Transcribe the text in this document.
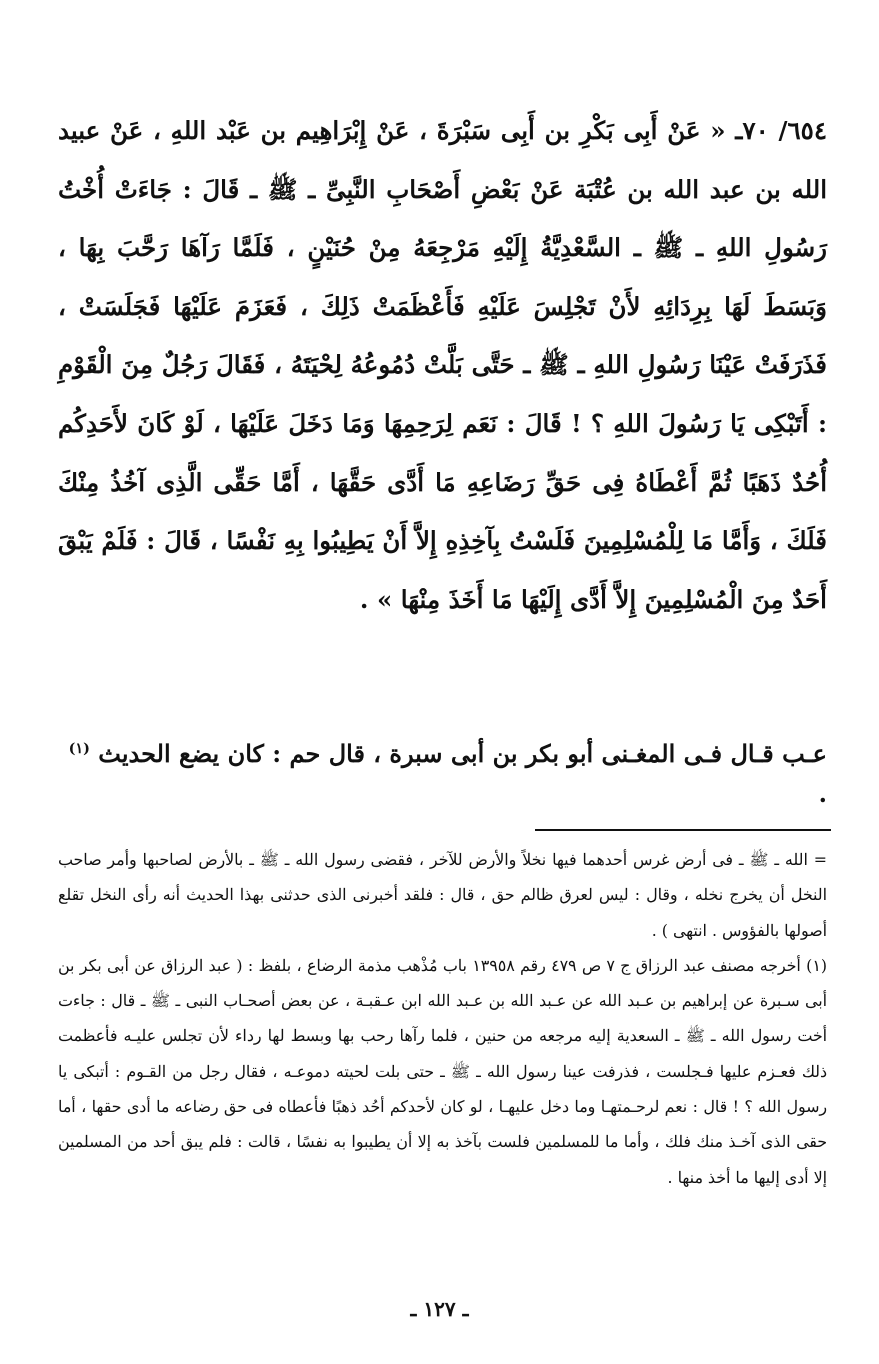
٦٥٤/ ٧٠ـ « عَنْ أَبِى بَكْرِ بن أَبِى سَبْرَةَ ، عَنْ إِبْرَاهِيم بن عَبْد اللهِ ، عَنْ عبيد الله بن عبد الله بن عُتْبَة عَنْ بَعْضِ أَصْحَابِ النَّبِىِّ ـ ﷺ ـ قَالَ : جَاءَتْ أُخْتُ رَسُولِ اللهِ ـ ﷺ ـ السَّعْدِيَّةُ إِلَيْهِ مَرْجِعَهُ مِنْ حُنَيْنٍ ، فَلَمَّا رَآهَا رَحَّبَ بِهَا ، وَبَسَطَ لَهَا بِرِدَائِهِ لأَنْ تَجْلِسَ عَلَيْهِ فَأَعْظَمَتْ ذَلِكَ ، فَعَزَمَ عَلَيْهَا فَجَلَسَتْ ، فَذَرَفَتْ عَيْنَا رَسُولِ اللهِ ـ ﷺ ـ حَتَّى بَلَّتْ دُمُوعُهُ لِحْيَتَهُ ، فَقَالَ رَجُلٌ مِنَ الْقَوْمِ : أَتَبْكِى يَا رَسُولَ اللهِ ؟ ! قَالَ : نَعَم لِرَحِمِهَا وَمَا دَخَلَ عَلَيْهَا ، لَوْ كَانَ لأَحَدِكُم أُحُدٌ ذَهَبًا ثُمَّ أَعْطَاهُ فِى حَقِّ رَضَاعِهِ مَا أَدَّى حَقَّهَا ، أَمَّا حَقِّى الَّذِى آخُذُ مِنْكَ فَلَكَ ، وَأَمَّا مَا لِلْمُسْلِمِينَ فَلَسْتُ بِآخِذِهِ إِلاَّ أَنْ يَطِيبُوا بِهِ نَفْسًا ، قَالَ : فَلَمْ يَبْقَ أَحَدٌ مِنَ الْمُسْلِمِينَ إِلاَّ أَدَّى إِلَيْهَا مَا أَخَذَ مِنْهَا » .

عـب قـال فـى المغـنى أبو بكر بن أبى سبرة ، قال حم : كان يضع الحديث $^{(١)}$ .

= الله ـ ﷺ ـ فى أرض غرس أحدهما فيها نخلاً والأرض للآخر ، فقضى رسول الله ـ ﷺ ـ بالأرض لصاحبها وأمر صاحب النخل أن يخرج نخله ، وقال : ليس لعرق ظالم حق ، قال : فلقد أخبرنى الذى حدثنى بهذا الحديث أنه رأى النخل تقلع أصولها بالفؤوس . انتهى ) .

(١) أخرجه مصنف عبد الرزاق ج ٧ ص ٤٧٩ رقم ١٣٩٥٨ باب مُذْهب مذمة الرضاع ، بلفظ : ( عبد الرزاق عن أبى بكر بن أبى سـبرة عن إبراهيم بن عـبد الله عن عـبد الله بن عـبد الله ابن عـقبـة ، عن بعض أصحـاب النبى ـ ﷺ ـ قال : جاءت أخت رسول الله ـ ﷺ ـ السعدية إليه مرجعه من حنين ، فلما رآها رحب بها وبسط لها رداء لأن تجلس عليـه فأعظمت ذلك فعـزم عليها فـجلست ، فذرفت عينا رسول الله ـ ﷺ ـ حتى بلت لحيته دموعـه ، فقال رجل من القـوم : أتبكى يا رسول الله ؟ ! قال : نعم لرحـمتهـا وما دخل عليهـا ، لو كان لأحدكم أحُد ذهبًا فأعطاه فى حق رضاعه ما أدى حقها ، أما حقى الذى آخـذ منك فلك ، وأما ما للمسلمين فلست بآخذ به إلا أن يطيبوا به نفسًا ، قالت : فلم يبق أحد من المسلمين إلا أدى إليها ما أخذ منها .

ـ ١٢٧ ـ
